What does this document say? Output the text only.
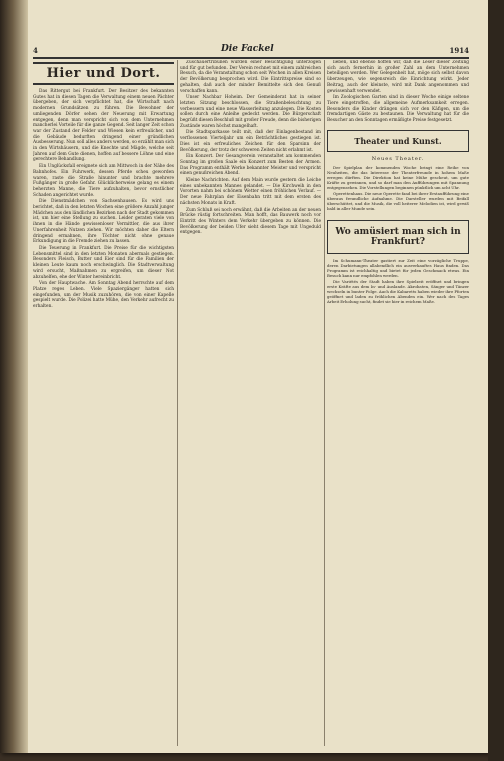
4	Die Fackel	1914
Hier und Dort.

Das Rittergut bei Frankfurt. Der Besitzer des bekannten Gutes hat in diesen Tagen die Verwaltung einem neuen Pächter übergeben, der sich verpflichtet hat, die Wirtschaft nach modernen Grundsätzen zu führen. Die Bewohner der umliegenden Dörfer sehen der Neuerung mit Erwartung entgegen, denn man verspricht sich von dem Unternehmen mancherlei Vorteile für die ganze Gegend. Seit langer Zeit schon war der Zustand der Felder und Wiesen kein erfreulicher, und die Gebäude bedurften dringend einer gründlichen Ausbesserung. Nun soll alles anders werden, so erzählt man sich in den Wirtshäusern, und die Knechte und Mägde, welche seit Jahren auf dem Gute dienen, hoffen auf bessere Löhne und eine gerechtere Behandlung.

Ein Unglücksfall ereignete sich am Mittwoch in der Nähe des Bahnhofes. Ein Fuhrwerk, dessen Pferde scheu geworden waren, raste die Straße hinunter und brachte mehrere Fußgänger in große Gefahr. Glücklicherweise gelang es einem beherzten Manne, die Tiere aufzuhalten, bevor ernstlicher Schaden angerichtet wurde.

Die Dienstmädchen von Sachsenhausen. Es wird uns berichtet, daß in den letzten Wochen eine größere Anzahl junger Mädchen aus den ländlichen Bezirken nach der Stadt gekommen ist, um hier eine Stellung zu suchen. Leider geraten viele von ihnen in die Hände gewissenloser Vermittler, die aus ihrer Unerfahrenheit Nutzen ziehen. Wir möchten daher die Eltern dringend ermahnen, ihre Töchter nicht ohne genaue Erkundigung in die Fremde ziehen zu lassen.

Die Teuerung in Frankfurt. Die Preise für die wichtigsten Lebensmittel sind in den letzten Monaten abermals gestiegen. Besonders Fleisch, Butter und Eier sind für die Familien der kleinen Leute kaum noch erschwinglich. Die Stadtverwaltung wird ersucht, Maßnahmen zu ergreifen, um dieser Not abzuhelfen, ehe der Winter hereinbricht.

Von der Hauptwache. Am Sonntag Abend herrschte auf dem Platze reges Leben. Viele Spaziergänger hatten sich eingefunden, um der Musik zuzuhören, die von einer Kapelle gespielt wurde. Die Polizei hatte Mühe, den Verkehr aufrecht zu erhalten.

Zuschauertribünen wurden einer Besichtigung unterzogen und für gut befunden. Der Verein rechnet mit einem zahlreichen Besuch, da die Veranstaltung schon seit Wochen in allen Kreisen der Bevölkerung besprochen wird. Die Eintrittspreise sind so gehalten, daß auch der minder Bemittelte sich den Genuß verschaffen kann.

Unser Nachbar Hoheim. Der Gemeinderat hat in seiner letzten Sitzung beschlossen, die Straßenbeleuchtung zu verbessern und eine neue Wasserleitung anzulegen. Die Kosten sollen durch eine Anleihe gedeckt werden. Die Bürgerschaft begrüßt diesen Beschluß mit großer Freude, denn die bisherigen Zustände waren höchst mangelhaft.

Die Stadtsparkasse teilt mit, daß der Einlagenbestand im verflossenen Vierteljahr um ein Beträchtliches gestiegen ist. Dies ist ein erfreuliches Zeichen für den Sparsinn der Bevölkerung, der trotz der schweren Zeiten nicht erlahmt ist.

Ein Konzert. Der Gesangverein veranstaltet am kommenden Sonntag im großen Saale ein Konzert zum Besten der Armen. Das Programm enthält Werke bekannter Meister und verspricht einen genußreichen Abend.

Kleine Nachrichten. Auf dem Main wurde gestern die Leiche eines unbekannten Mannes gelandet. — Die Kirchweih in den Vororten nahm bei schönem Wetter einen fröhlichen Verlauf. — Der neue Fahrplan der Eisenbahn tritt mit dem ersten des nächsten Monats in Kraft.

Zum Schluß sei noch erwähnt, daß die Arbeiten an der neuen Brücke rüstig fortschreiten. Man hofft, das Bauwerk noch vor Eintritt des Winters dem Verkehr übergeben zu können. Die Bevölkerung der beiden Ufer sieht diesem Tage mit Ungeduld entgegen.

lieben, und ebenso hoffen wir, daß die Leser dieser Zeitung sich auch fernerhin in großer Zahl an dem Unternehmen beteiligen werden. Wer Gelegenheit hat, möge sich selbst davon überzeugen, wie segensreich die Einrichtung wirkt. Jeder Beitrag, auch der kleinste, wird mit Dank angenommen und gewissenhaft verwendet.

Im Zoologischen Garten sind in dieser Woche einige seltene Tiere eingetroffen, die allgemeine Aufmerksamkeit erregen. Besonders die Kinder drängen sich vor den Käfigen, um die fremdartigen Gäste zu bestaunen. Die Verwaltung hat für die Besucher an den Sonntagen ermäßigte Preise festgesetzt.

Theater und Kunst.
Neues Theater.

Der Spielplan der kommenden Woche bringt eine Reihe von Neuheiten, die das Interesse der Theaterfreunde in hohem Maße erregen dürften. Die Direktion hat keine Mühe gescheut, um gute Kräfte zu gewinnen, und so darf man den Aufführungen mit Spannung entgegensehen. Die Vorstellungen beginnen pünktlich um acht Uhr.

Operettenhaus. Die neue Operette fand bei ihrer Erstaufführung eine überaus freundliche Aufnahme. Die Darsteller wurden mit Beifall überschüttet, und die Musik, die voll heiterer Melodien ist, wird gewiß bald in aller Munde sein.

Wo amüsiert man sich in Frankfurt?

Im Schumann-Theater gastiert zur Zeit eine vorzügliche Truppe, deren Darbietungen allabendlich ein ausverkauftes Haus finden. Das Programm ist reichhaltig und bietet für jeden Geschmack etwas. Ein Besuch kann nur empfohlen werden.

Die Variétés der Stadt haben ihre Spielzeit eröffnet und bringen erste Kräfte aus dem In- und Auslande. Akrobaten, Sänger und Tänzer wechseln in bunter Folge. Auch die Kabaretts haben wieder ihre Pforten geöffnet und laden zu fröhlichen Abenden ein. Wer nach des Tages Arbeit Erholung sucht, findet sie hier in reichem Maße.
